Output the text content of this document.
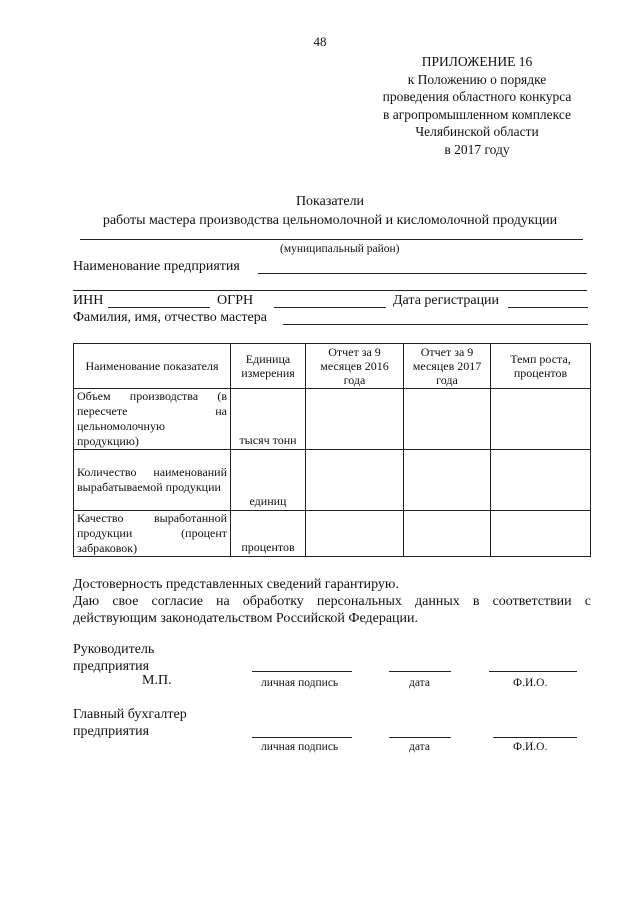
48
ПРИЛОЖЕНИЕ 16
к Положению о порядке
проведения областного конкурса
в агропромышленном комплексе
Челябинской области
в 2017 году
Показатели
работы мастера производства цельномолочной и кисломолочной продукции
(муниципальный район)
Наименование предприятия
ИНН	ОГРН	Дата регистрации
Фамилия, имя, отчество мастера
Наименование показателя	Единица измерения	Отчет за 9 месяцев 2016 года	Отчет за 9 месяцев 2017 года	Темп роста, процентов
Объем производства (в пересчете на цельномолочную продукцию)	тысяч тонн			
Количество наименований вырабатываемой продукции	единиц			
Качество выработанной продукции (процент забраковок)	процентов			
Достоверность представленных сведений гарантирую.
Даю свое согласие на обработку персональных данных в соответствии с действующим законодательством Российской Федерации.
Руководитель
предприятия
М.П.	личная подпись	дата	Ф.И.О.
Главный бухгалтер
предприятия
личная подпись	дата	Ф.И.О.
